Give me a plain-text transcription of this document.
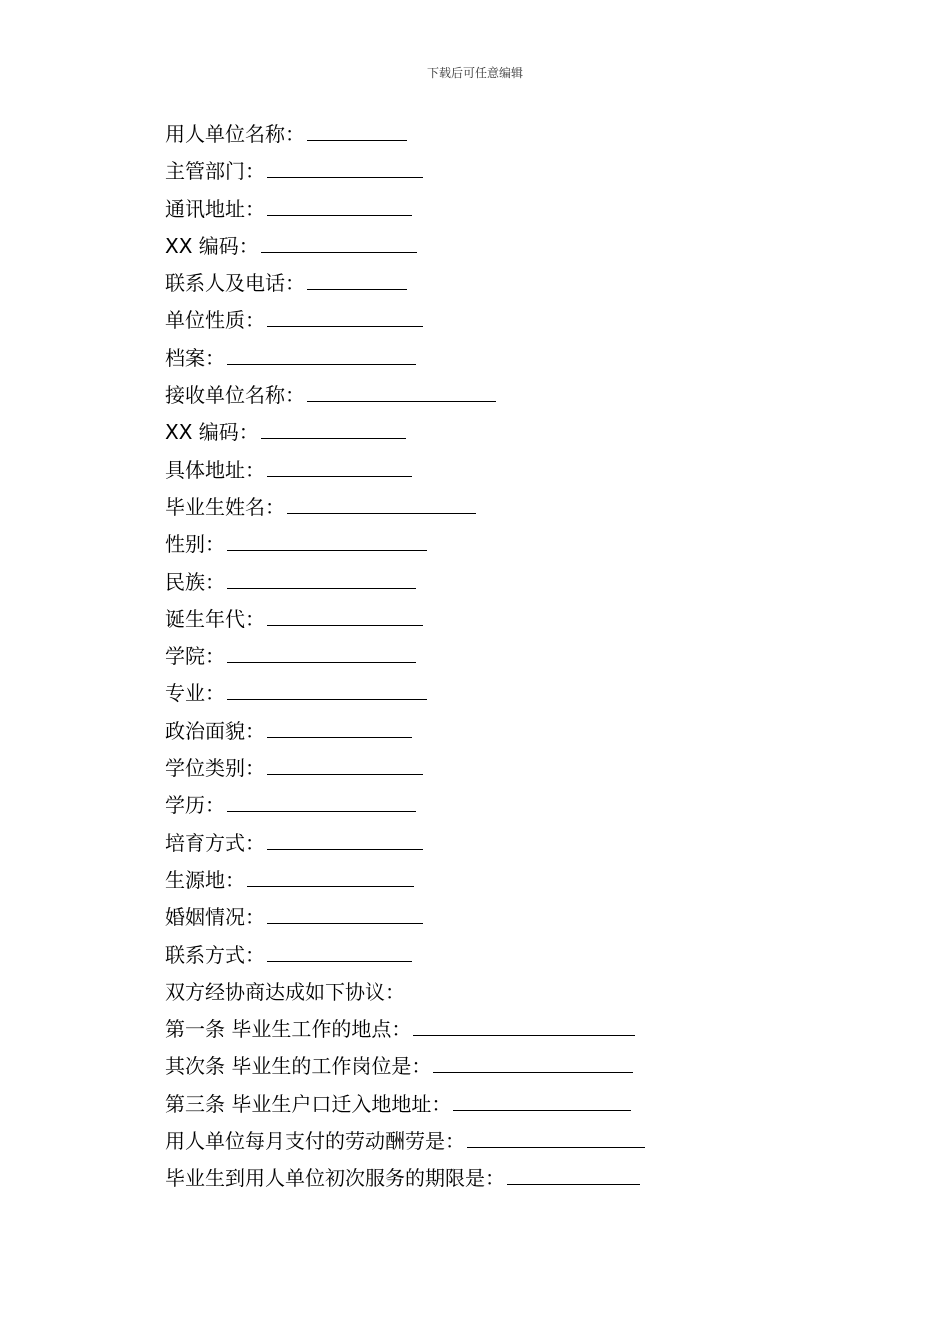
下载后可任意编辑
用人单位名称：
主管部门：
通讯地址：
XX 编码：
联系人及电话：
单位性质：
档案：
接收单位名称：
XX 编码：
具体地址：
毕业生姓名：
性别：
民族：
诞生年代：
学院：
专业：
政治面貌：
学位类别：
学历：
培育方式：
生源地：
婚姻情况：
联系方式：
双方经协商达成如下协议：
第一条 毕业生工作的地点：
其次条 毕业生的工作岗位是：
第三条 毕业生户口迁入地地址：
用人单位每月支付的劳动酬劳是：
毕业生到用人单位初次服务的期限是：
